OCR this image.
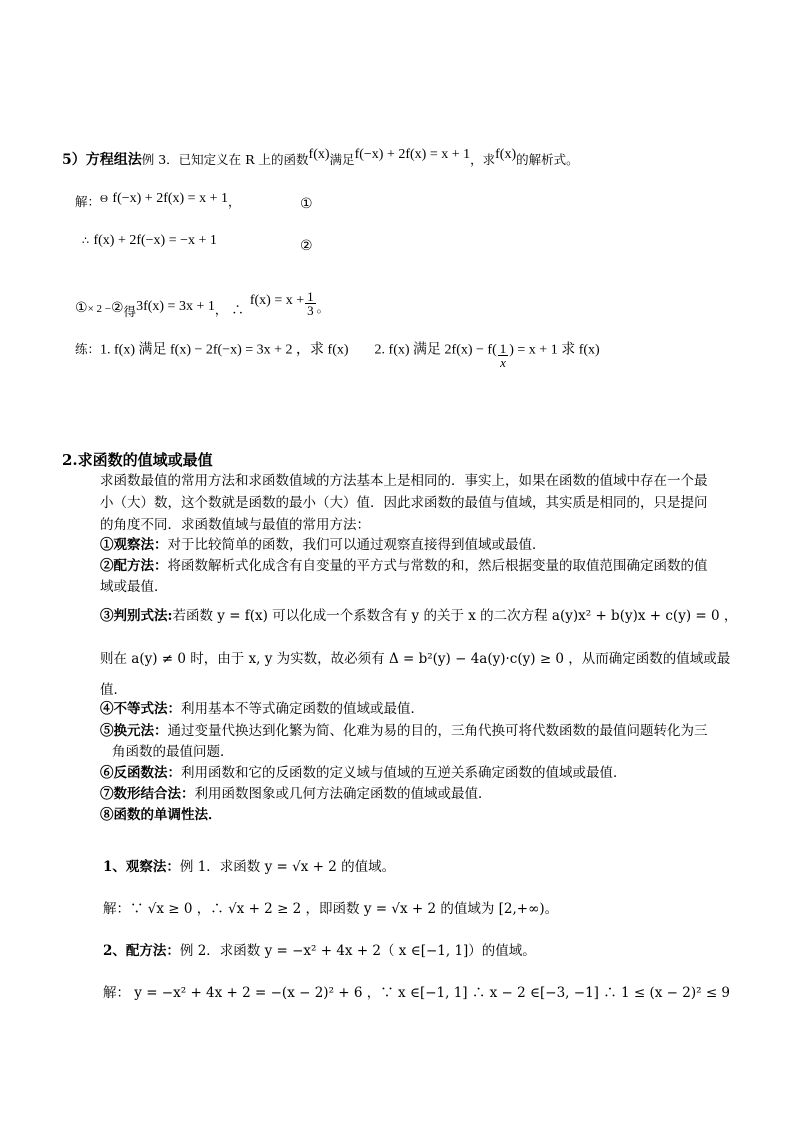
5）方程组法例 3．已知定义在 R 上的函数f(x)满足f(−x) + 2f(x) = x + 1，求f(x)的解析式。
解：$^\Theta$ f(−x) + 2f(x) = x + 1，	①
∴ f(x) + 2f(−x) = −x + 1	②
$①_{\times 2 -}②$得3f(x) = 3x + 1， ∴f(x) = $x + \frac{1}{3}$ 。
练：1. f(x) 满足 f(x) − 2f(−x) = 3x + 2 ，求 f(x) 2. f(x) 满足 $2f(x) - f( \frac{1}{x}$ ) = x + 1 求 f(x)
2.求函数的值域或最值
求函数最值的常用方法和求函数值域的方法基本上是相同的．事实上，如果在函数的值域中存在一个最
小（大）数，这个数就是函数的最小（大）值．因此求函数的最值与值域，其实质是相同的，只是提问
的角度不同．求函数值域与最值的常用方法：
①观察法：对于比较简单的函数，我们可以通过观察直接得到值域或最值．
②配方法：将函数解析式化成含有自变量的平方式与常数的和，然后根据变量的取值范围确定函数的值
域或最值．
③判别式法:若函数 y = f(x) 可以化成一个系数含有 y 的关于 x 的二次方程 a(y)x² + b(y)x + c(y) = 0 ，
则在 a(y) ≠ 0 时，由于 x, y 为实数，故必须有 Δ = b²(y) − 4a(y)·c(y) ≥ 0 ，从而确定函数的值域或最
值．
④不等式法：利用基本不等式确定函数的值域或最值．
⑤换元法：通过变量代换达到化繁为简、化难为易的目的，三角代换可将代数函数的最值问题转化为三
角函数的最值问题．
⑥反函数法：利用函数和它的反函数的定义域与值域的互逆关系确定函数的值域或最值．
⑦数形结合法：利用函数图象或几何方法确定函数的值域或最值．
⑧函数的单调性法．
1、观察法：例 1．求函数 y = √x + 2 的值域。
解：∵ √x ≥ 0 ，∴ √x + 2 ≥ 2 ，即函数 y = √x + 2 的值域为 [2,+∞)。
2、配方法：例 2．求函数 y = −x² + 4x + 2（ x ∈[−1, 1]）的值域。
解： y = −x² + 4x + 2 = −(x − 2)² + 6 ，∵ x ∈[−1, 1] ∴ x − 2 ∈[−3, −1] ∴ 1 ≤ (x − 2)² ≤ 9
